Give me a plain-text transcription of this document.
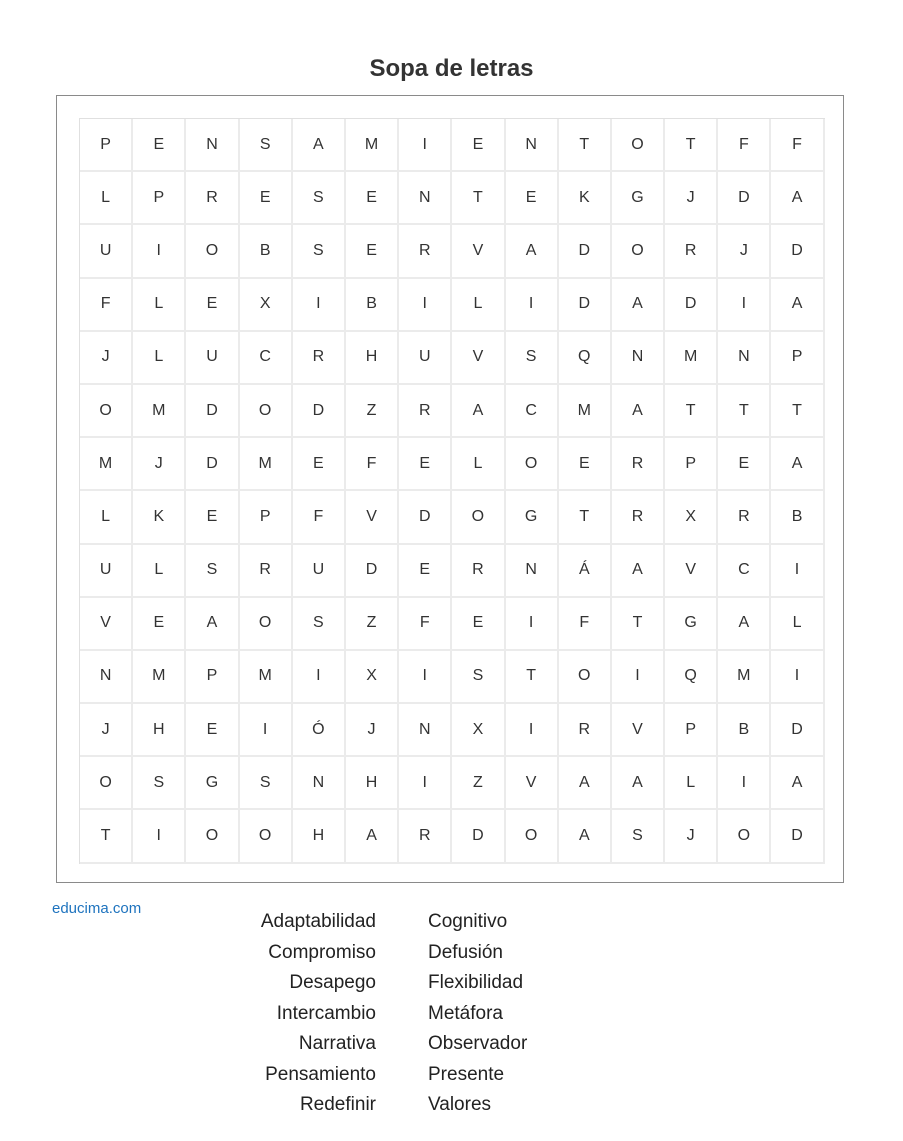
Sopa de letras
P	E	N	S	A	M	I	E	N	T	O	T	F	F
L	P	R	E	S	E	N	T	E	K	G	J	D	A
U	I	O	B	S	E	R	V	A	D	O	R	J	D
F	L	E	X	I	B	I	L	I	D	A	D	I	A
J	L	U	C	R	H	U	V	S	Q	N	M	N	P
O	M	D	O	D	Z	R	A	C	M	A	T	T	T
M	J	D	M	E	F	E	L	O	E	R	P	E	A
L	K	E	P	F	V	D	O	G	T	R	X	R	B
U	L	S	R	U	D	E	R	N	Á	A	V	C	I
V	E	A	O	S	Z	F	E	I	F	T	G	A	L
N	M	P	M	I	X	I	S	T	O	I	Q	M	I
J	H	E	I	Ó	J	N	X	I	R	V	P	B	D
O	S	G	S	N	H	I	Z	V	A	A	L	I	A
T	I	O	O	H	A	R	D	O	A	S	J	O	D
educima.com
Adaptabilidad
Compromiso
Desapego
Intercambio
Narrativa
Pensamiento
Redefinir
Cognitivo
Defusión
Flexibilidad
Metáfora
Observador
Presente
Valores
